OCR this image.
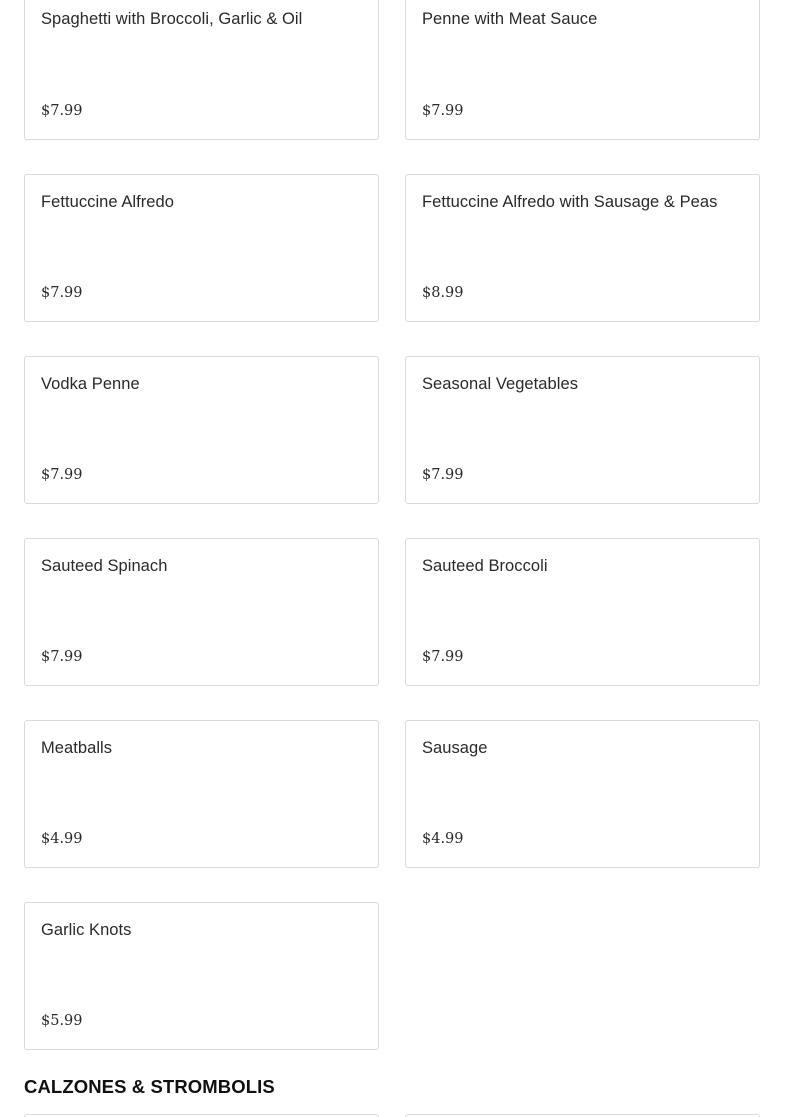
Spaghetti with Broccoli, Garlic & Oil
$7.99
Penne with Meat Sauce
$7.99
Fettuccine Alfredo
$7.99
Fettuccine Alfredo with Sausage & Peas
$8.99
Vodka Penne
$7.99
Seasonal Vegetables
$7.99
Sauteed Spinach
$7.99
Sauteed Broccoli
$7.99
Meatballs
$4.99
Sausage
$4.99
Garlic Knots
$5.99
CALZONES & STROMBOLIS
